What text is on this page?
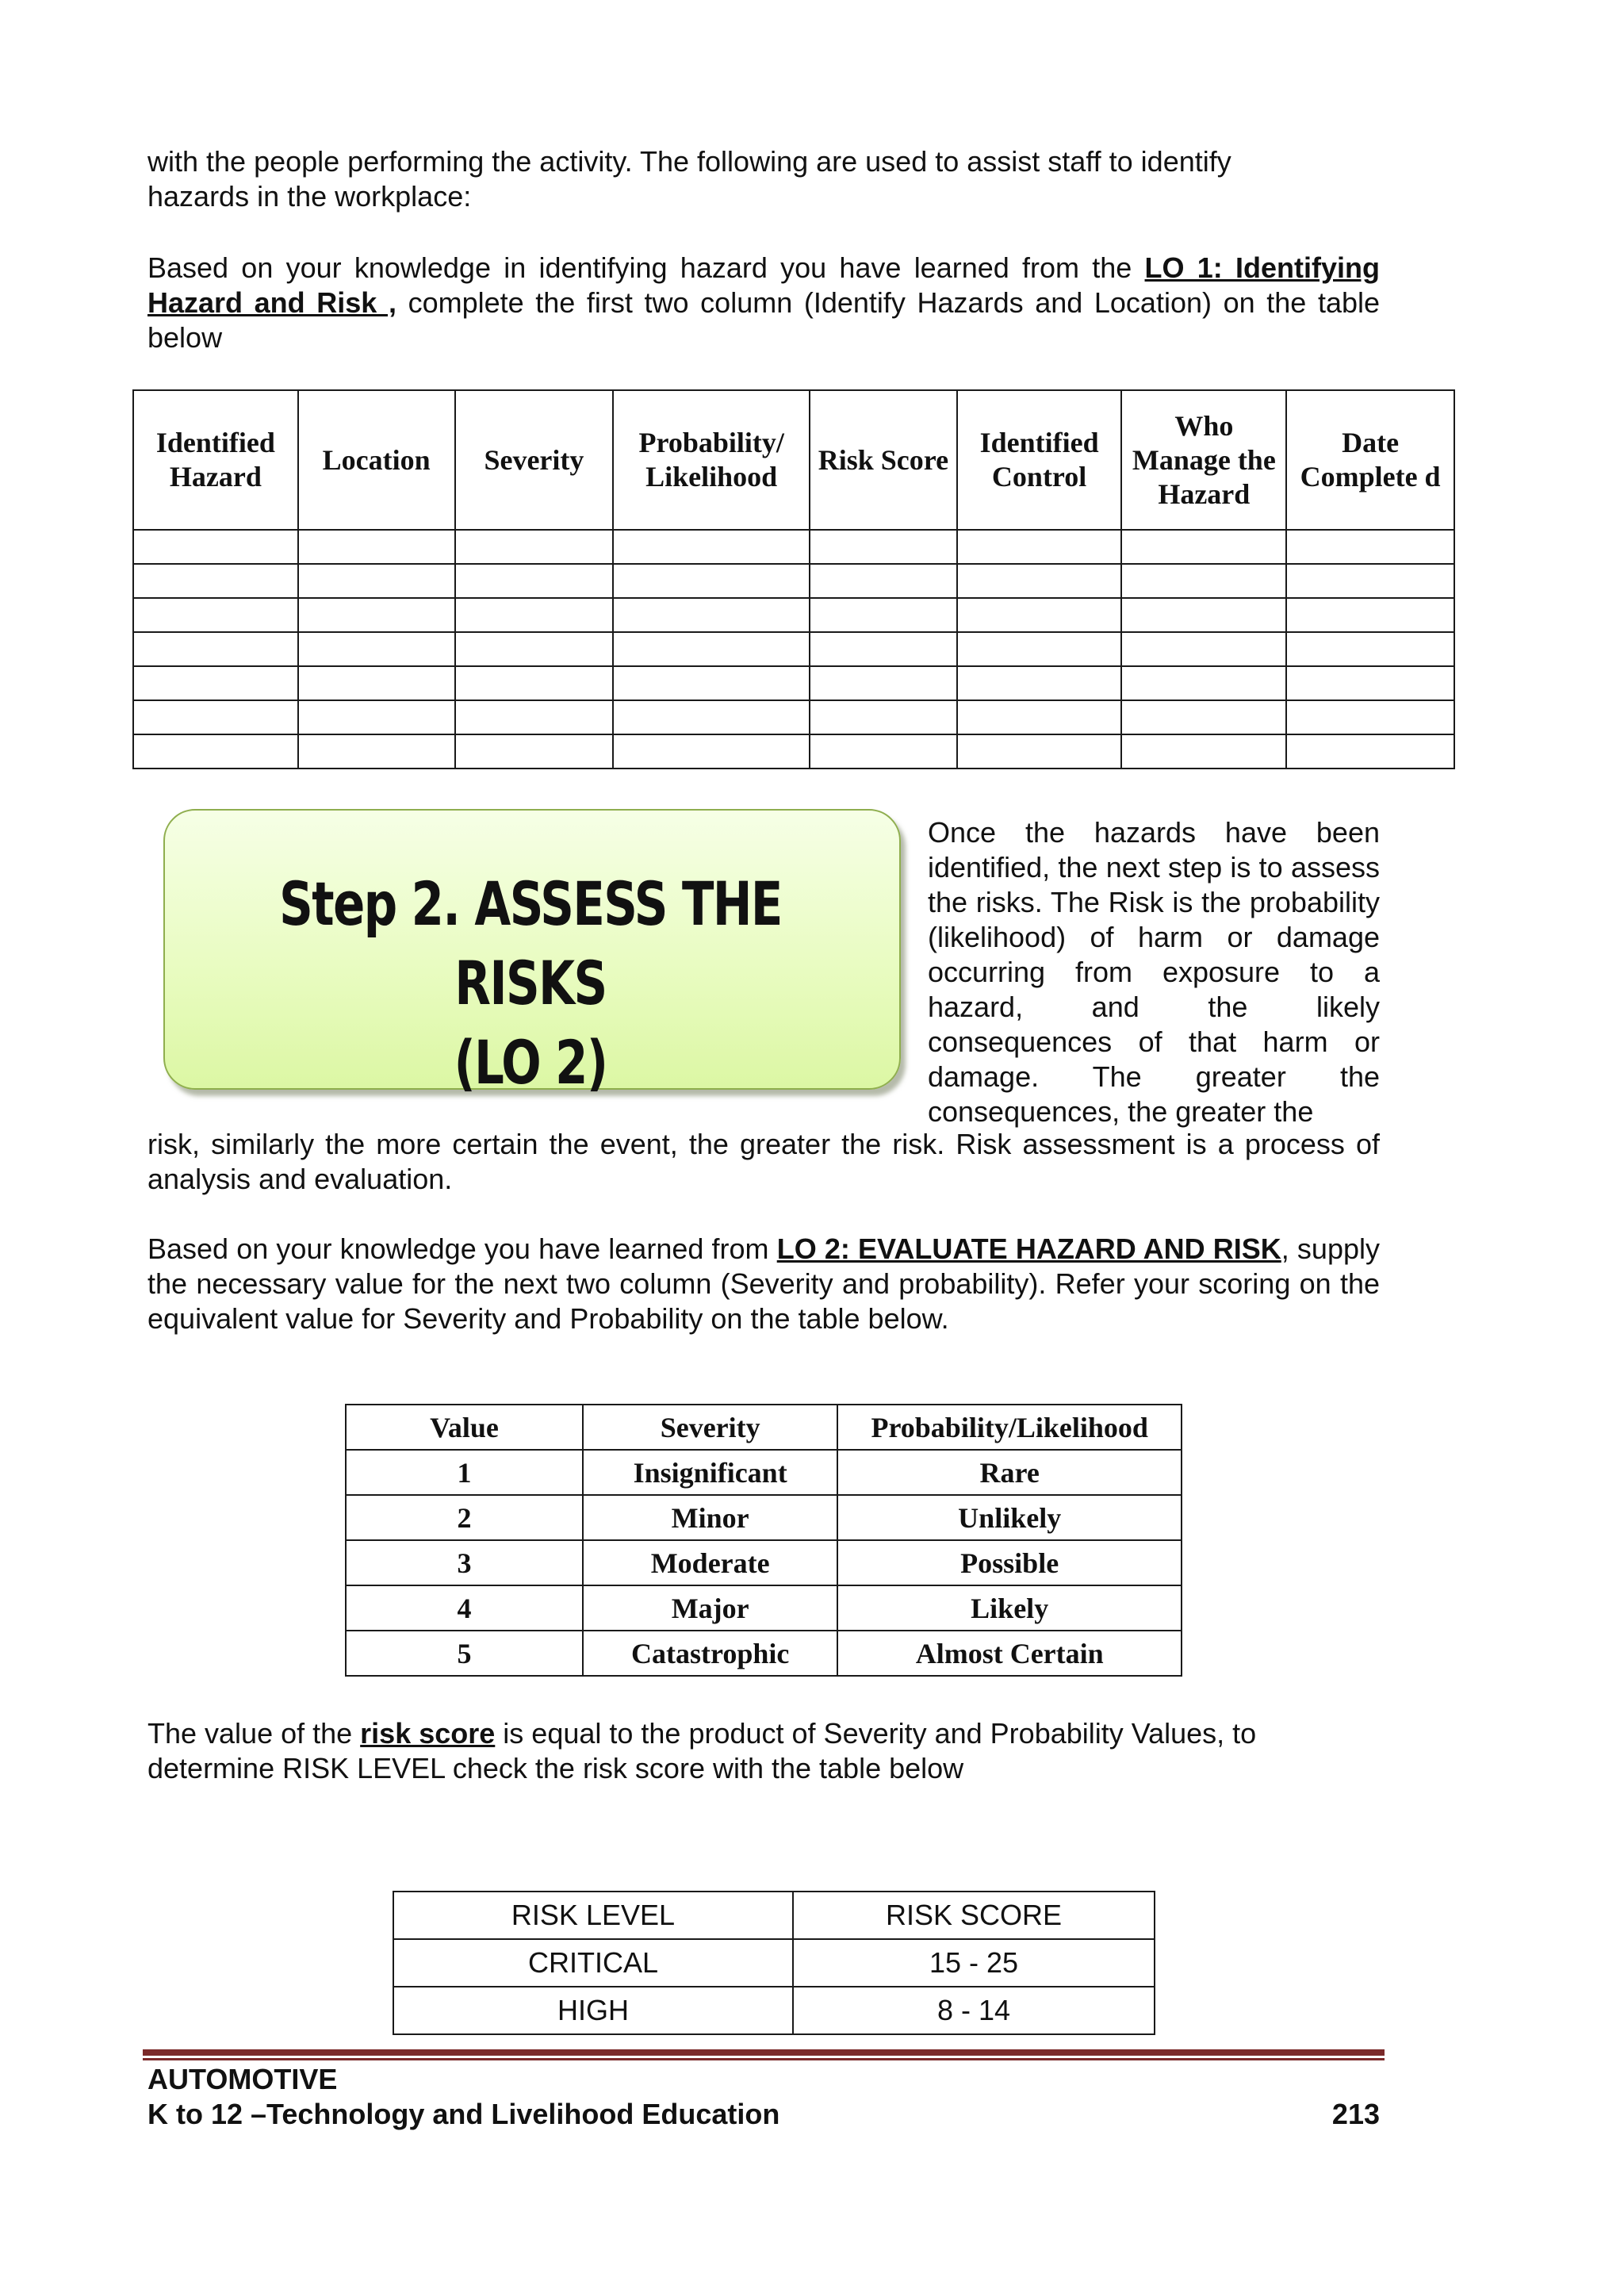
with the people performing the activity. The following are used to assist staff to identify
hazards in the workplace:

Based on your knowledge in identifying hazard you have learned from the LO 1: Identifying Hazard and Risk , complete the first two column (Identify Hazards and Location) on the table below

Identified Hazard	Location	Severity	Probability/ Likelihood	Risk Score	Identified Control	Who Manage the Hazard	Date Complete d

Step 2. ASSESS THE RISKS
(LO 2)

Once the hazards have been identified, the next step is to assess the risks. The Risk is the probability (likelihood) of harm or damage occurring from exposure to a hazard, and the likely consequences of that harm or damage. The greater the consequences, the greater the

risk, similarly the more certain the event, the greater the risk. Risk assessment is a process of analysis and evaluation.

Based on your knowledge you have learned from LO 2: EVALUATE HAZARD AND RISK, supply the necessary value for the next two column (Severity and probability). Refer your scoring on the equivalent value for Severity and Probability on the table below.

Value	Severity	Probability/Likelihood
1	Insignificant	Rare
2	Minor	Unlikely
3	Moderate	Possible
4	Major	Likely
5	Catastrophic	Almost Certain

The value of the risk score is equal to the product of Severity and Probability Values, to determine RISK LEVEL check the risk score with the table below

RISK LEVEL	RISK SCORE
CRITICAL	15 - 25
HIGH	8 - 14
AUTOMOTIVE
K to 12 –Technology and Livelihood Education	213
